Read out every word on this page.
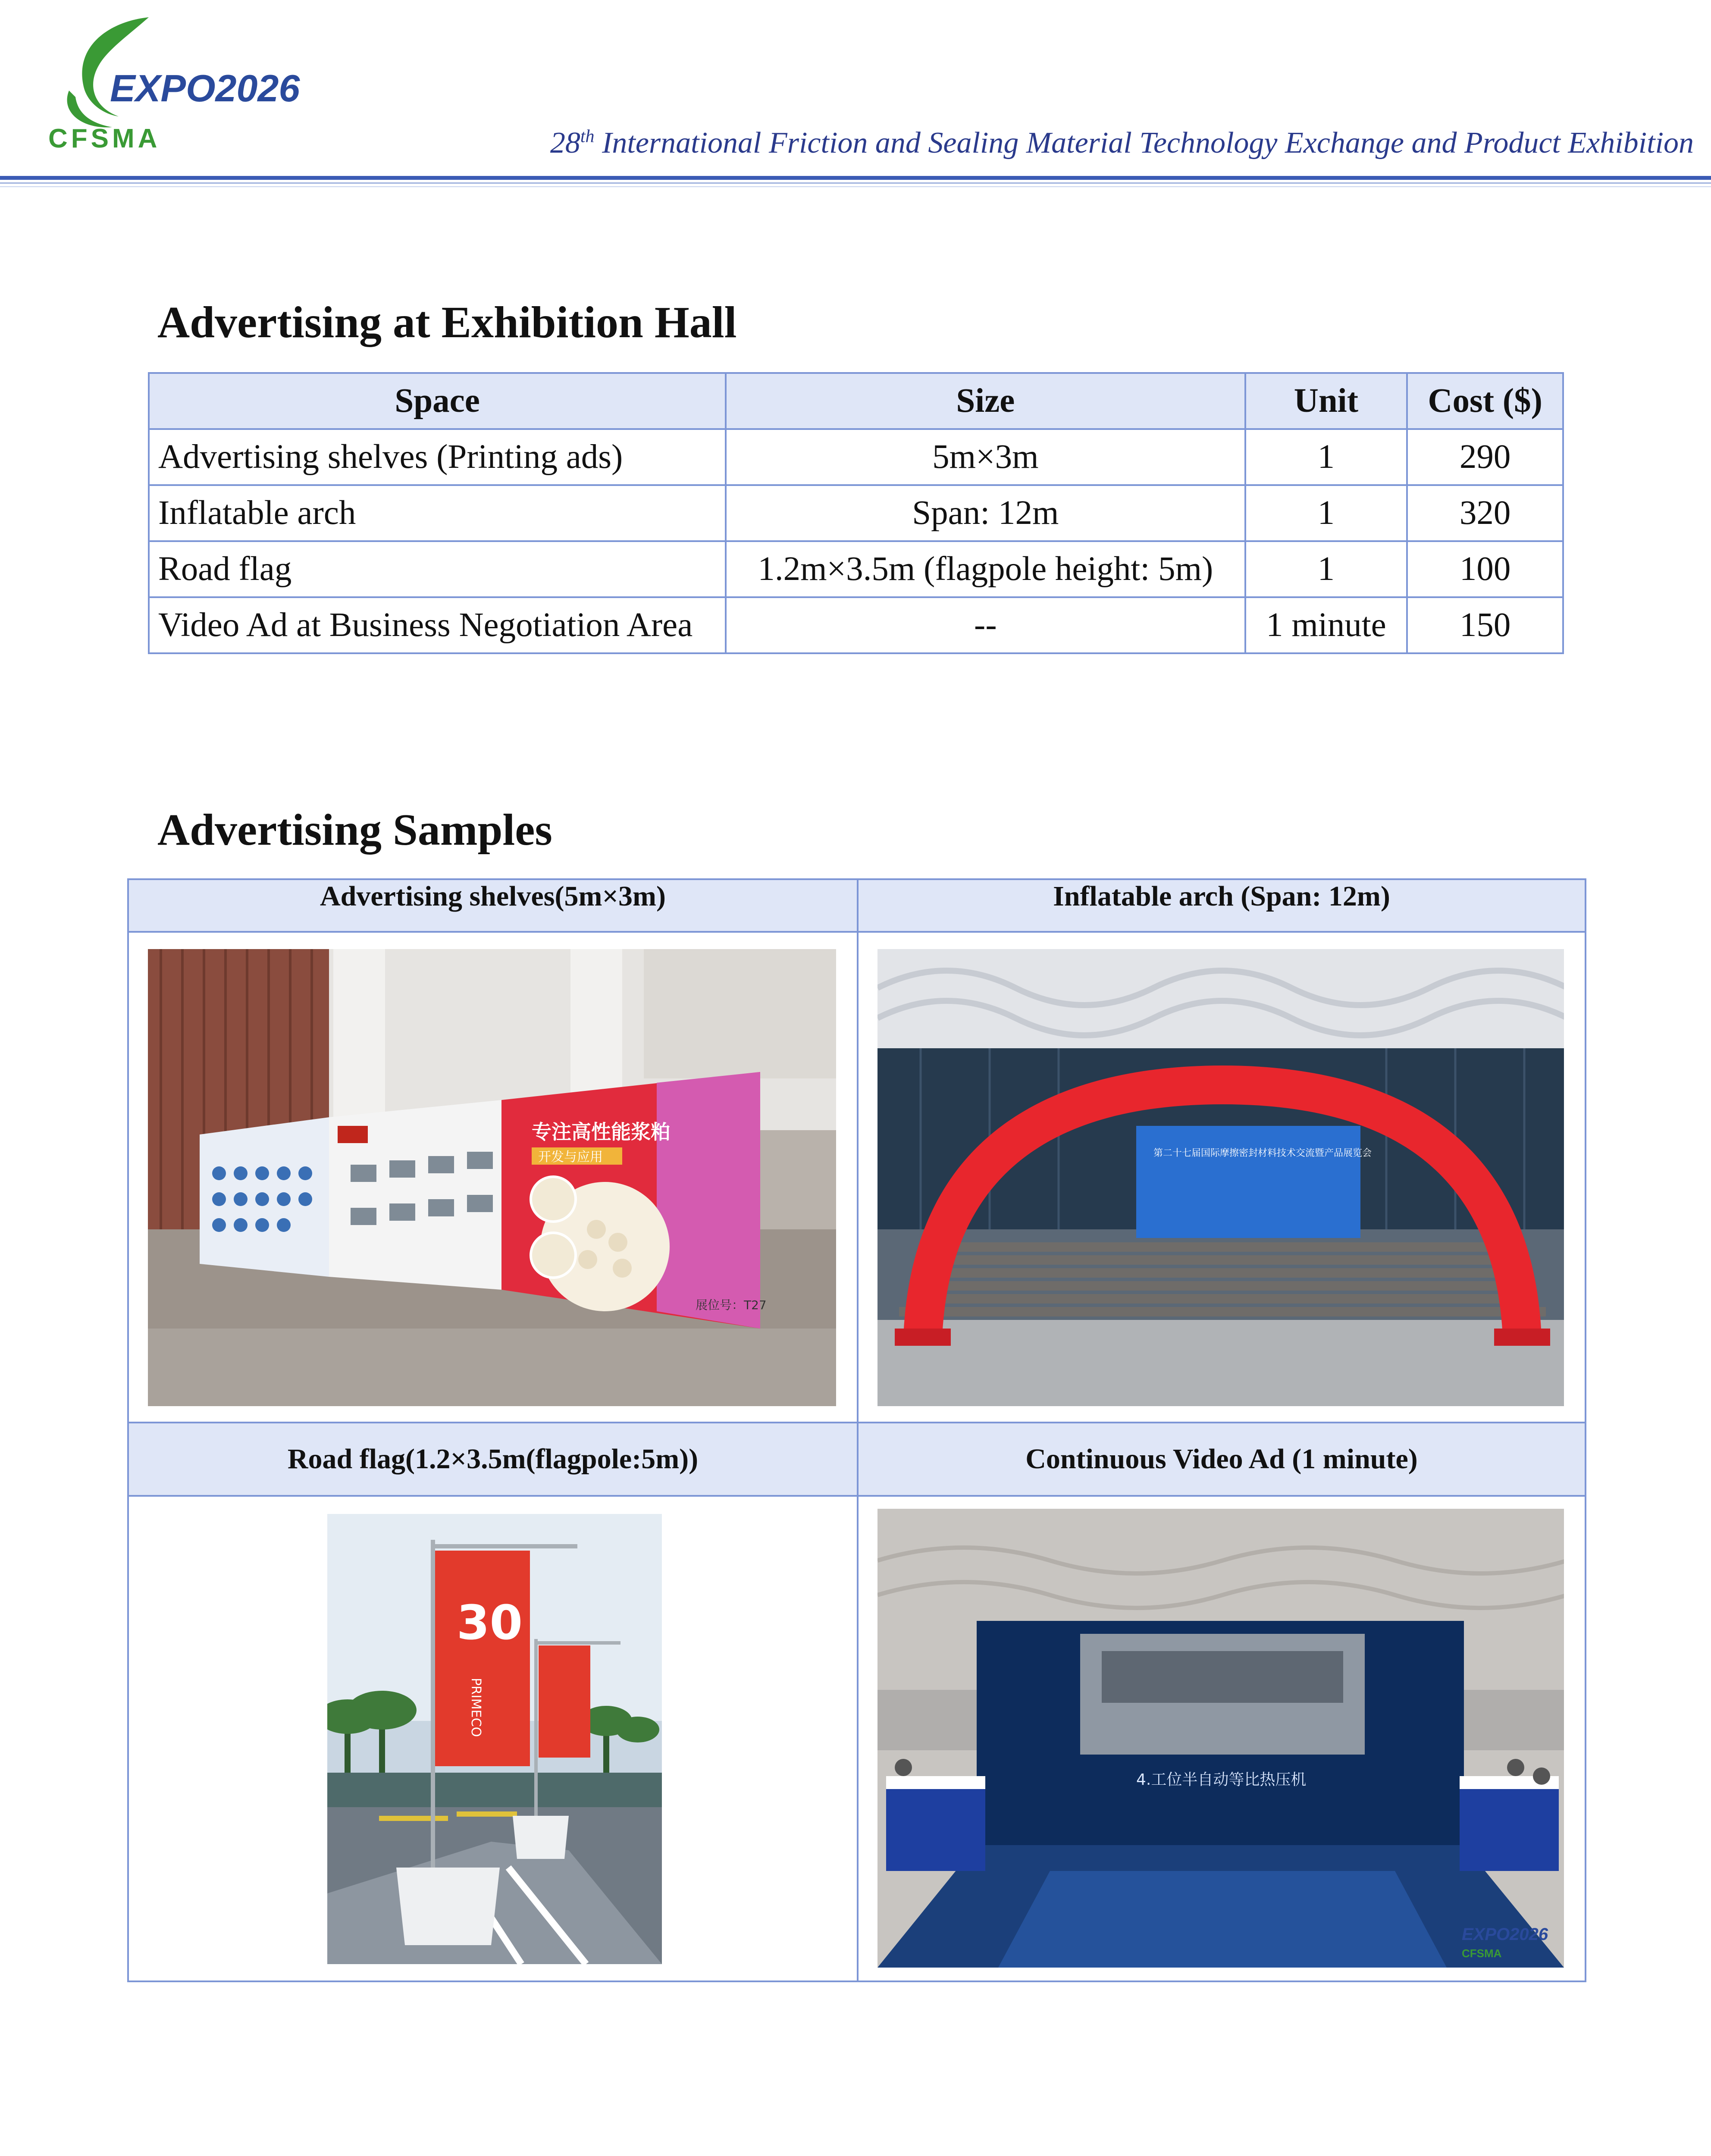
EXPO2026
CFSMA	28th International Friction and Sealing Material Technology Exchange and Product Exhibition
Advertising at Exhibition Hall
Space	Size	Unit	Cost ($)
Advertising shelves (Printing ads)	5m×3m	1	290
Inflatable arch	Span: 12m	1	320
Road flag	1.2m×3.5m (flagpole height: 5m)	1	100
Video Ad at Business Negotiation Area	--	1 minute	150
Advertising Samples
Advertising shelves(5m×3m)	Inflatable arch (Span: 12m)

专注高性能浆粕
开发与应用
展位号：T27	第二十七届国际摩擦密封材料技术交流暨产品展览会

Road flag(1.2×3.5m(flagpole:5m))	Continuous Video Ad (1 minute)

30
PRIMECO	4.工位半自动等比热压机
EXPO2026
CFSMA
